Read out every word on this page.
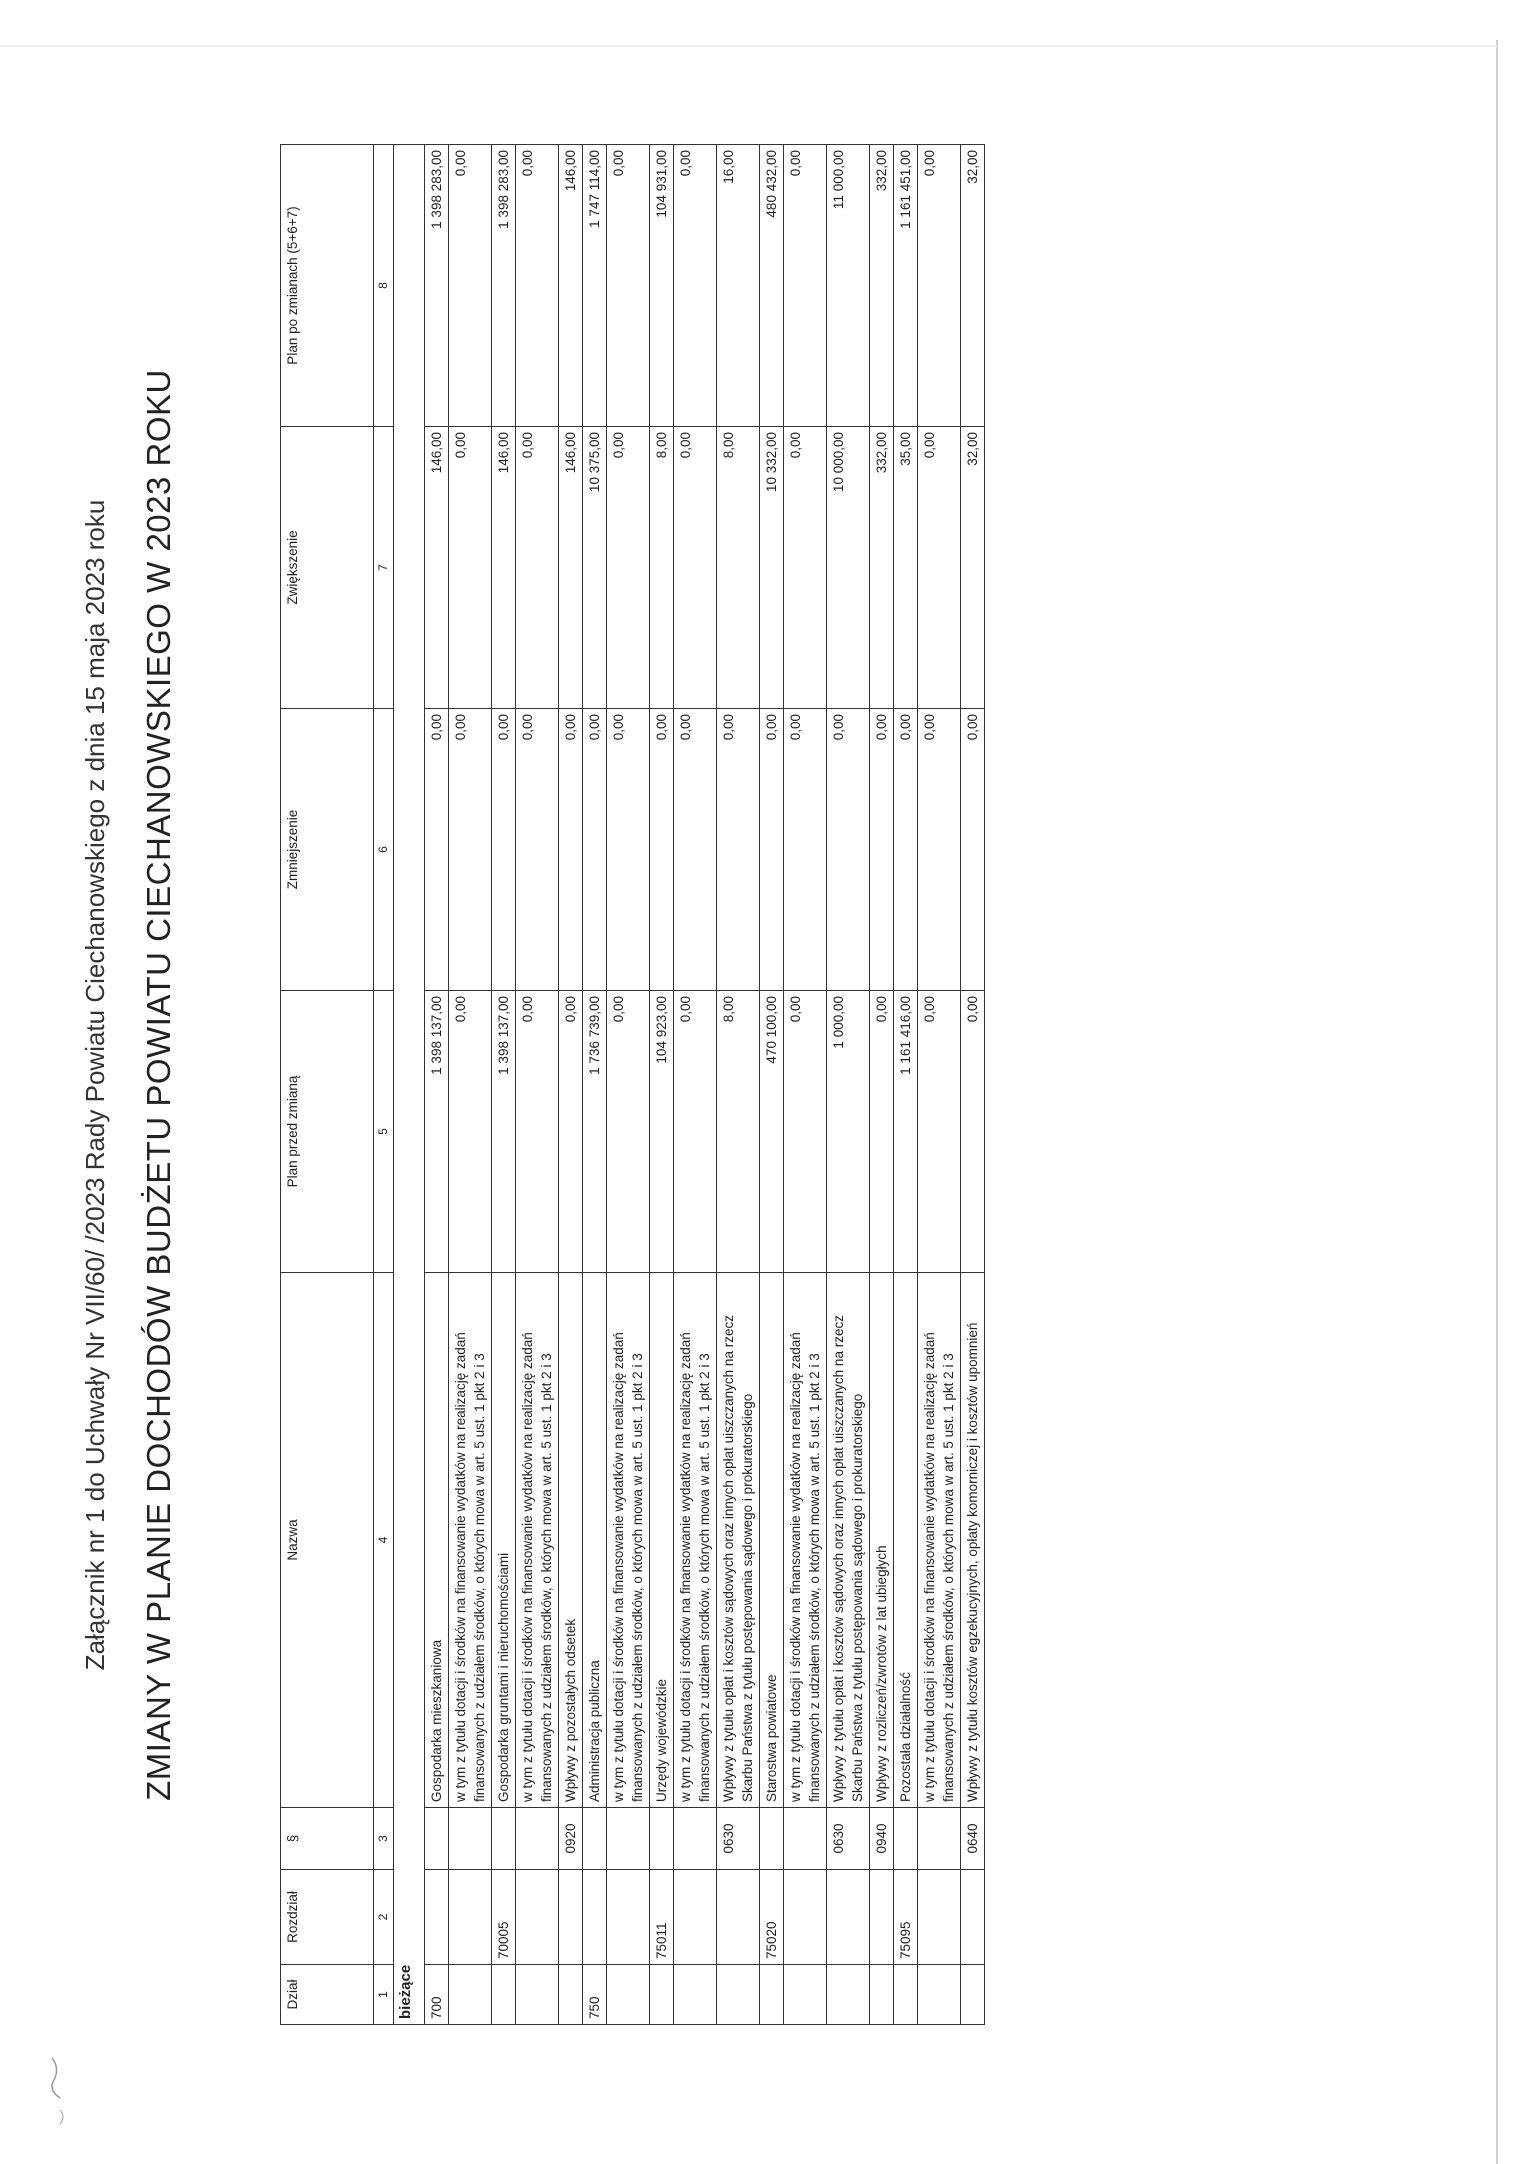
Załącznik nr 1 do Uchwały Nr VII/60/ /2023 Rady Powiatu Ciechanowskiego z dnia 15 maja 2023 roku ZMIANY W PLANIE DOCHODÓW BUDŻETU POWIATU CIECHANOWSKIEGO W 2023 ROKU
Dział	Rozdział	§	Nazwa	Plan przed zmianą	Zmniejszenie	Zwiększenie	Plan po zmianach (5+6+7)
1	2	3	4	5	6	7	8
bieżące							
700			Gospodarka mieszkaniowa	1 398 137,00	0,00	146,00	1 398 283,00
			w tym z tytułu dotacji i środków na finansowanie wydatków na realizację zadań finansowanych z udziałem środków, o których mowa w art. 5 ust. 1 pkt 2 i 3	0,00	0,00	0,00	0,00
	70005		Gospodarka gruntami i nieruchomościami	1 398 137,00	0,00	146,00	1 398 283,00
			w tym z tytułu dotacji i środków na finansowanie wydatków na realizację zadań finansowanych z udziałem środków, o których mowa w art. 5 ust. 1 pkt 2 i 3	0,00	0,00	0,00	0,00
		0920	Wpływy z pozostałych odsetek	0,00	0,00	146,00	146,00
750			Administracja publiczna	1 736 739,00	0,00	10 375,00	1 747 114,00
			w tym z tytułu dotacji i środków na finansowanie wydatków na realizację zadań finansowanych z udziałem środków, o których mowa w art. 5 ust. 1 pkt 2 i 3	0,00	0,00	0,00	0,00
	75011		Urzędy wojewódzkie	104 923,00	0,00	8,00	104 931,00
			w tym z tytułu dotacji i środków na finansowanie wydatków na realizację zadań finansowanych z udziałem środków, o których mowa w art. 5 ust. 1 pkt 2 i 3	0,00	0,00	0,00	0,00
		0630	Wpływy z tytułu opłat i kosztów sądowych oraz innych opłat uiszczanych na rzecz Skarbu Państwa z tytułu postępowania sądowego i prokuratorskiego	8,00	0,00	8,00	16,00
	75020		Starostwa powiatowe	470 100,00	0,00	10 332,00	480 432,00
			w tym z tytułu dotacji i środków na finansowanie wydatków na realizację zadań finansowanych z udziałem środków, o których mowa w art. 5 ust. 1 pkt 2 i 3	0,00	0,00	0,00	0,00
		0630	Wpływy z tytułu opłat i kosztów sądowych oraz innych opłat uiszczanych na rzecz Skarbu Państwa z tytułu postępowania sądowego i prokuratorskiego	1 000,00	0,00	10 000,00	11 000,00
		0940	Wpływy z rozliczeń/zwrotów z lat ubiegłych	0,00	0,00	332,00	332,00
	75095		Pozostała działalność	1 161 416,00	0,00	35,00	1 161 451,00
			w tym z tytułu dotacji i środków na finansowanie wydatków na realizację zadań finansowanych z udziałem środków, o których mowa w art. 5 ust. 1 pkt 2 i 3	0,00	0,00	0,00	0,00
		0640	Wpływy z tytułu kosztów egzekucyjnych, opłaty komorniczej i kosztów upomnień	0,00	0,00	32,00	32,00
